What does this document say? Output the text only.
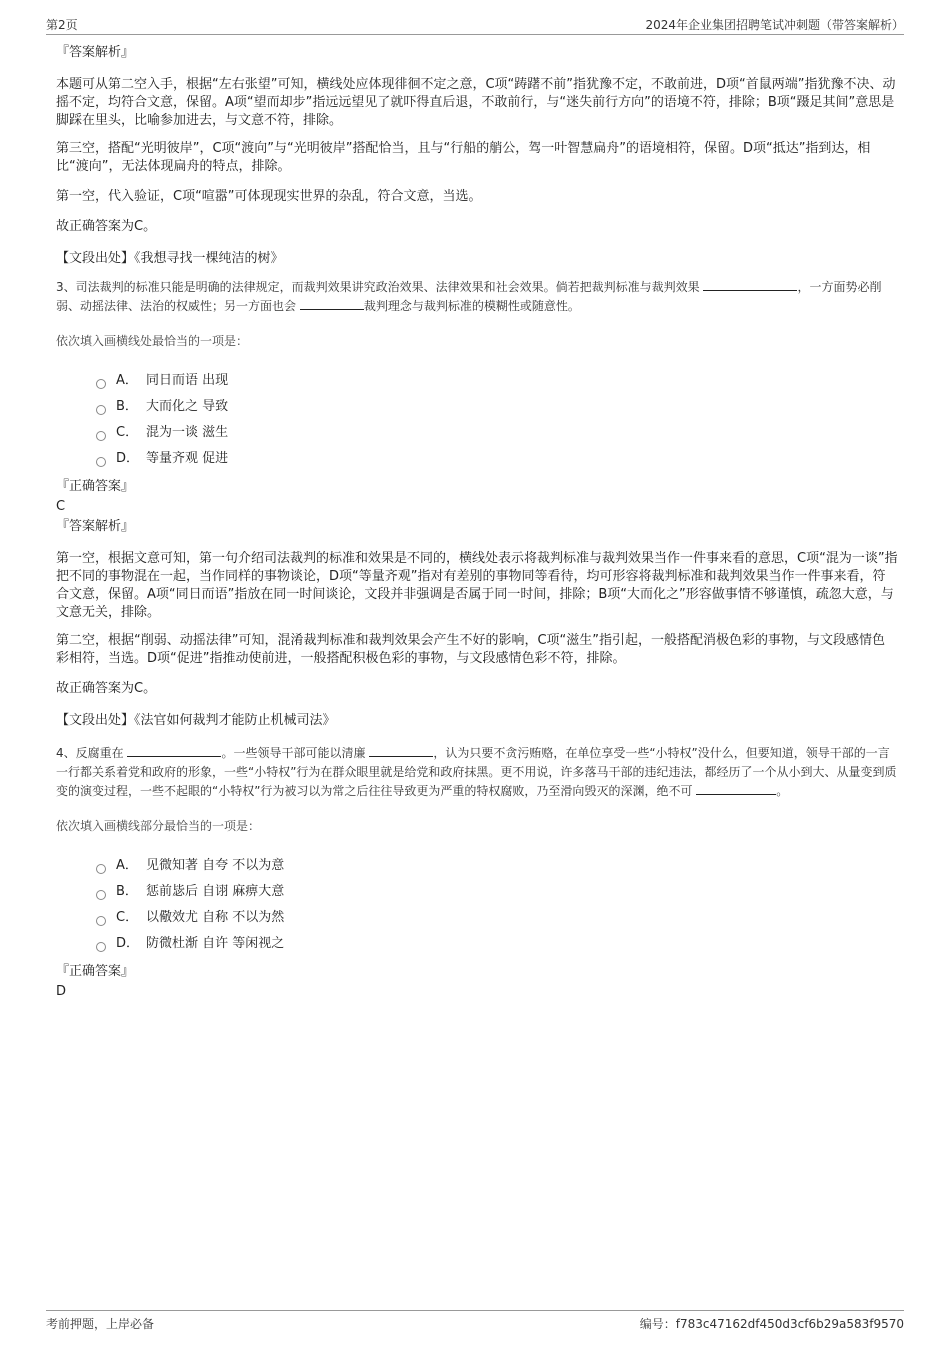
第2页	2024年企业集团招聘笔试冲刺题（带答案解析）

『答案解析』

本题可从第二空入手，根据“左右张望”可知，横线处应体现徘徊不定之意，C项“踌躇不前”指犹豫不定，不敢前进，D项“首鼠两端”指犹豫不决、动摇不定，均符合文意，保留。A项“望而却步”指远远望见了就吓得直后退，不敢前行，与“迷失前行方向”的语境不符，排除；B项“蹑足其间”意思是脚踩在里头，比喻参加进去，与文意不符，排除。

第三空，搭配“光明彼岸”，C项“渡向”与“光明彼岸”搭配恰当，且与“行船的艄公，驾一叶智慧扁舟”的语境相符，保留。D项“抵达”指到达，相比“渡向”，无法体现扁舟的特点，排除。

第一空，代入验证，C项“喧嚣”可体现现实世界的杂乱，符合文意，当选。

故正确答案为C。

【文段出处】《我想寻找一棵纯洁的树》

3、司法裁判的标准只能是明确的法律规定，而裁判效果讲究政治效果、法律效果和社会效果。倘若把裁判标准与裁判效果	，一方面势必削弱、动摇法律、法治的权威性；另一方面也会	裁判理念与裁判标准的模糊性或随意性。

依次填入画横线处最恰当的一项是：

A． 同日而语 出现
B． 大而化之 导致
C． 混为一谈 滋生
D． 等量齐观 促进

『正确答案』

C

『答案解析』

第一空，根据文意可知，第一句介绍司法裁判的标准和效果是不同的，横线处表示将裁判标准与裁判效果当作一件事来看的意思，C项“混为一谈”指把不同的事物混在一起，当作同样的事物谈论，D项“等量齐观”指对有差别的事物同等看待，均可形容将裁判标准和裁判效果当作一件事来看，符合文意，保留。A项“同日而语”指放在同一时间谈论，文段并非强调是否属于同一时间，排除；B项“大而化之”形容做事情不够谨慎，疏忽大意，与文意无关，排除。

第二空，根据“削弱、动摇法律”可知，混淆裁判标准和裁判效果会产生不好的影响，C项“滋生”指引起，一般搭配消极色彩的事物，与文段感情色彩相符，当选。D项“促进”指推动使前进，一般搭配积极色彩的事物，与文段感情色彩不符，排除。

故正确答案为C。

【文段出处】《法官如何裁判才能防止机械司法》

4、反腐重在	。一些领导干部可能以清廉	，认为只要不贪污贿赂，在单位享受一些“小特权”没什么，但要知道，领导干部的一言一行都关系着党和政府的形象，一些“小特权”行为在群众眼里就是给党和政府抹黑。更不用说，许多落马干部的违纪违法，都经历了一个从小到大、从量变到质变的演变过程，一些不起眼的“小特权”行为被习以为常之后往往导致更为严重的特权腐败，乃至滑向毁灭的深渊，绝不可	。

依次填入画横线部分最恰当的一项是：

A． 见微知著 自夸 不以为意
B． 惩前毖后 自诩 麻痹大意
C． 以儆效尤 自称 不以为然
D． 防微杜渐 自许 等闲视之

『正确答案』

D

考前押题，上岸必备	编号：f783c47162df450d3cf6b29a583f9570
